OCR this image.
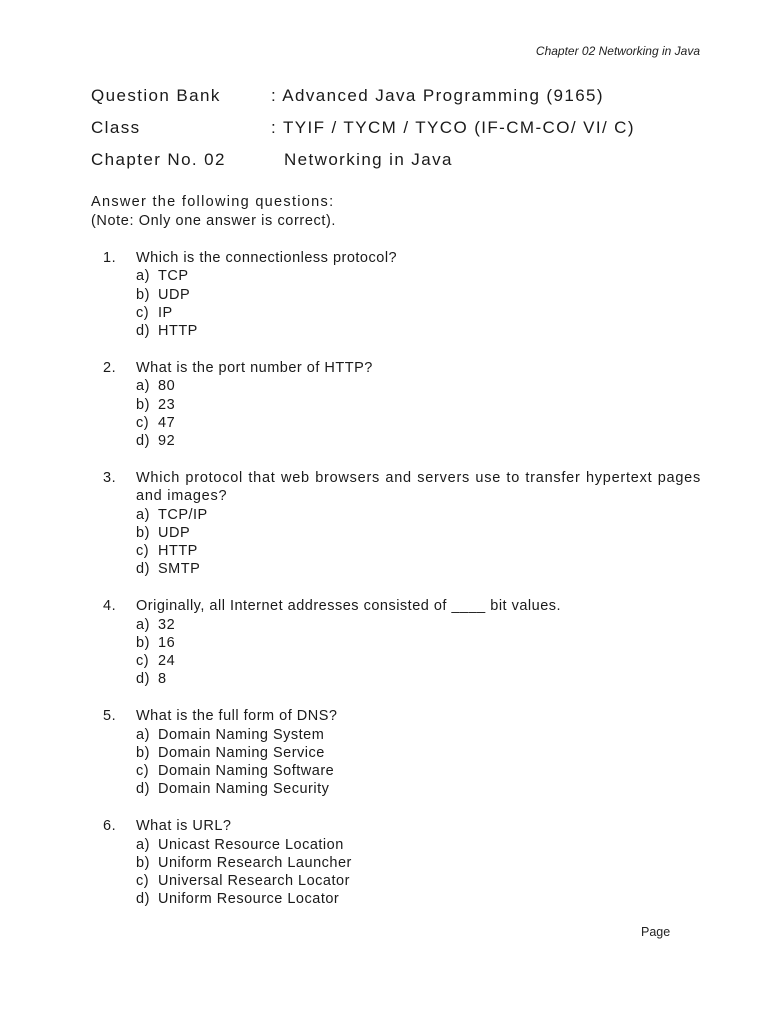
Chapter 02 Networking in Java
Question Bank	: Advanced Java Programming (9165)
Class	: TYIF / TYCM / TYCO (IF-CM-CO/ VI/ C)
Chapter No. 02	Networking in Java
Answer the following questions:
(Note: Only one answer is correct).
1.	Which is the connectionless protocol?
a) TCP
b) UDP
c) IP
d) HTTP
2.	What is the port number of HTTP?
a) 80
b) 23
c) 47
d) 92
3.	Which protocol that web browsers and servers use to transfer hypertext pages and images?
a) TCP/IP
b) UDP
c) HTTP
d) SMTP
4.	Originally, all Internet addresses consisted of ____ bit values.
a) 32
b) 16
c) 24
d) 8
5.	What is the full form of DNS?
a) Domain Naming System
b) Domain Naming Service
c) Domain Naming Software
d) Domain Naming Security
6.	What is URL?
a) Unicast Resource Location
b) Uniform Research Launcher
c) Universal Research Locator
d) Uniform Resource Locator
Page
